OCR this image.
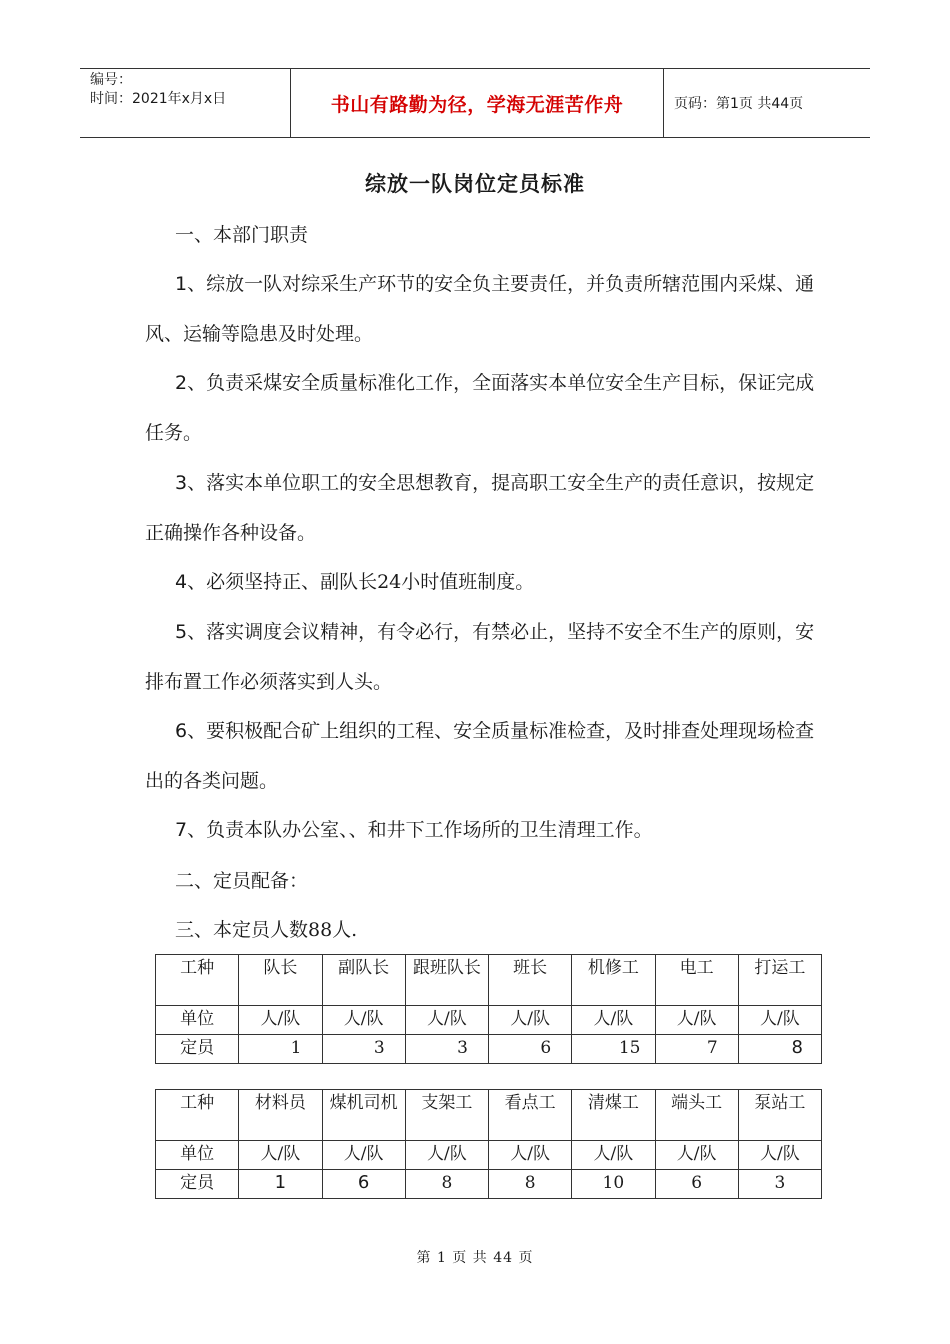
编号：
时间：2021年x月x日	书山有路勤为径，学海无涯苦作舟	页码：第1页 共44页
综放一队岗位定员标准

一、本部门职责

1、综放一队对综采生产环节的安全负主要责任，并负责所辖范围内采煤、通风、运输等隐患及时处理。

2、负责采煤安全质量标准化工作，全面落实本单位安全生产目标，保证完成任务。

3、落实本单位职工的安全思想教育，提高职工安全生产的责任意识，按规定正确操作各种设备。

4、必须坚持正、副队长24小时值班制度。

5、落实调度会议精神，有令必行，有禁必止，坚持不安全不生产的原则，安排布置工作必须落实到人头。

6、要积极配合矿上组织的工程、安全质量标准检查，及时排查处理现场检查出的各类问题。

7、负责本队办公室、、和井下工作场所的卫生清理工作。

二、定员配备：

三、本定员人数88人.

工种	队长	副队长	跟班队长	班长	机修工	电工	打运工
单位	人/队	人/队	人/队	人/队	人/队	人/队	人/队
定员	1	3	3	6	15	7	8
工种	材料员	煤机司机	支架工	看点工	清煤工	端头工	泵站工
单位	人/队	人/队	人/队	人/队	人/队	人/队	人/队
定员	1	6	8	8	10	6	3
第 1 页 共 44 页
